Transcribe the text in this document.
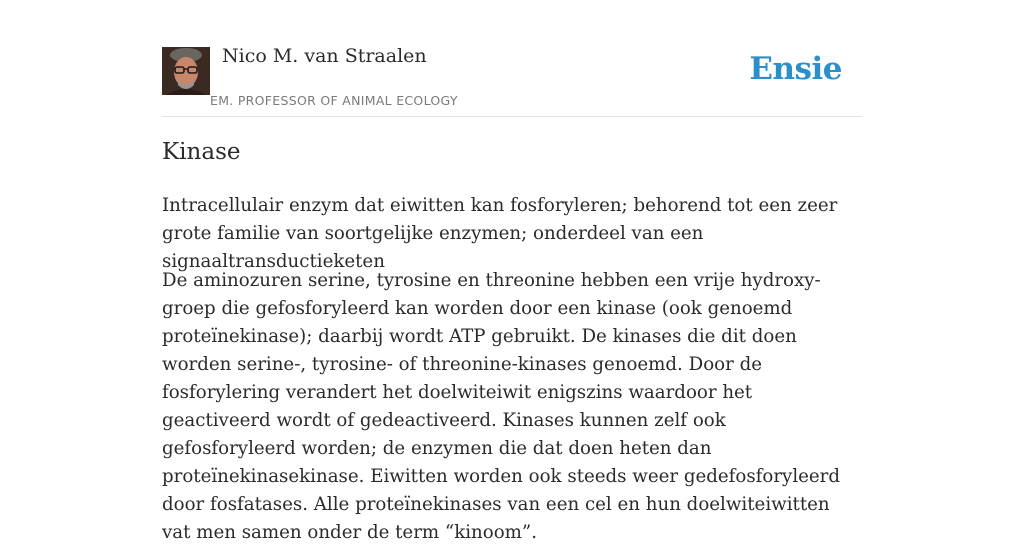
Nico M. van Straalen
EM. PROFESSOR OF ANIMAL ECOLOGY
Ensie
Kinase

Intracellulair enzym dat eiwitten kan fosforyleren; behorend tot een zeer grote familie van soortgelijke enzymen; onderdeel van een signaaltransductieketen

De aminozuren serine, tyrosine en threonine hebben een vrije hydroxy-groep die gefosforyleerd kan worden door een kinase (ook genoemd proteïnekinase); daarbij wordt ATP gebruikt. De kinases die dit doen worden serine-, tyrosine- of threonine-kinases genoemd. Door de fosforylering verandert het doelwiteiwit enigszins waardoor het geactiveerd wordt of gedeactiveerd. Kinases kunnen zelf ook gefosforyleerd worden; de enzymen die dat doen heten dan proteïnekinasekinase. Eiwitten worden ook steeds weer gedefosforyleerd door fosfatases. Alle proteïnekinases van een cel en hun doelwiteiwitten vat men samen onder de term “kinoom”.
